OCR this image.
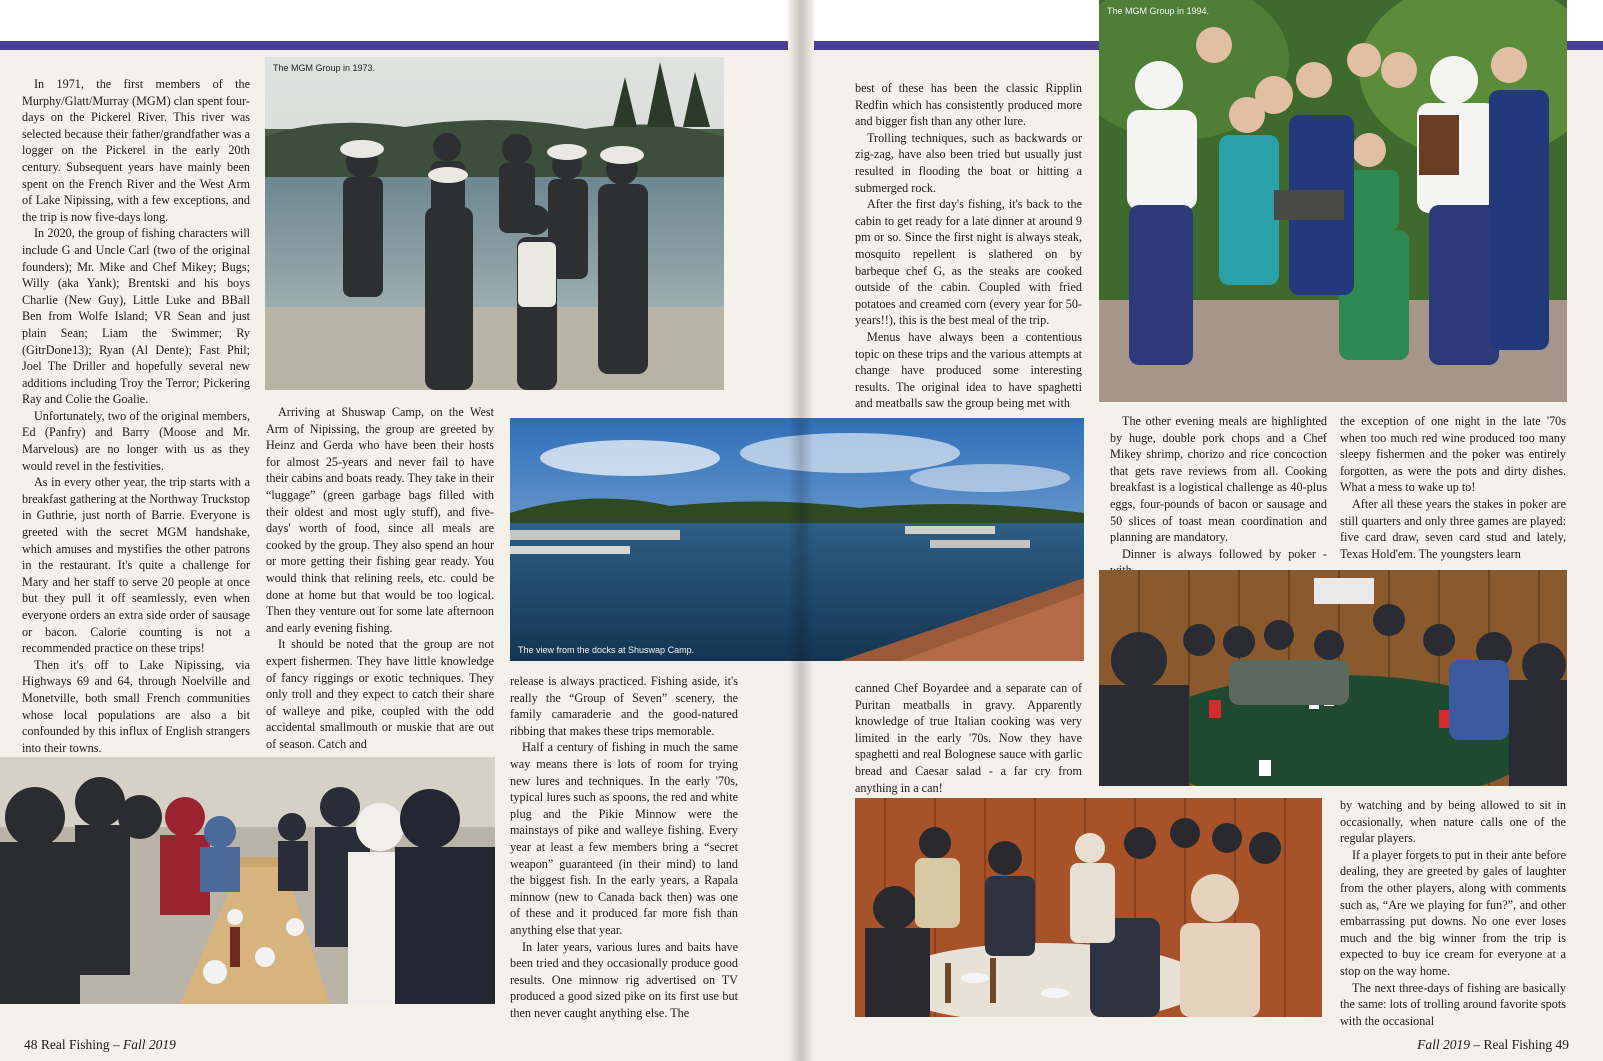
In 1971, the first members of the Murphy/Glatt/Murray (MGM) clan spent four-days on the Pickerel River. This river was selected because their father/grandfather was a logger on the Pickerel in the early 20th century. Subsequent years have mainly been spent on the French River and the West Arm of Lake Nipissing, with a few exceptions, and the trip is now five-days long.

In 2020, the group of fishing characters will include G and Uncle Carl (two of the original founders); Mr. Mike and Chef Mikey; Bugs; Willy (aka Yank); Brentski and his boys Charlie (New Guy), Little Luke and BBall Ben from Wolfe Island; VR Sean and just plain Sean; Liam the Swimmer; Ry (GitrDone13); Ryan (Al Dente); Fast Phil; Joel The Driller and hopefully several new additions including Troy the Terror; Pickering Ray and Colie the Goalie.

Unfortunately, two of the original members, Ed (Panfry) and Barry (Moose and Mr. Marvelous) are no longer with us as they would revel in the festivities.

As in every other year, the trip starts with a breakfast gathering at the Northway Truckstop in Guthrie, just north of Barrie. Everyone is greeted with the secret MGM handshake, which amuses and mystifies the other patrons in the restaurant. It's quite a challenge for Mary and her staff to serve 20 people at once but they pull it off seamlessly, even when everyone orders an extra side order of sausage or bacon. Calorie counting is not a recommended practice on these trips!

Then it's off to Lake Nipissing, via Highways 69 and 64, through Noelville and Monetville, both small French communities whose local populations are also a bit confounded by this influx of English strangers into their towns.

The MGM Group in 1973.

Arriving at Shuswap Camp, on the West Arm of Nipissing, the group are greeted by Heinz and Gerda who have been their hosts for almost 25-years and never fail to have their cabins and boats ready. They take in their “luggage” (green garbage bags filled with their oldest and most ugly stuff), and five-days' worth of food, since all meals are cooked by the group. They also spend an hour or more getting their fishing gear ready. You would think that relining reels, etc. could be done at home but that would be too logical. Then they venture out for some late afternoon and early evening fishing.

It should be noted that the group are not expert fishermen. They have little knowledge of fancy riggings or exotic techniques. They only troll and they expect to catch their share of walleye and pike, coupled with the odd accidental smallmouth or muskie that are out of season. Catch and

The view from the docks at Shuswap Camp.

release is always practiced. Fishing aside, it's really the “Group of Seven” scenery, the family camaraderie and the good-natured ribbing that makes these trips memorable.

Half a century of fishing in much the same way means there is lots of room for trying new lures and techniques. In the early '70s, typical lures such as spoons, the red and white plug and the Pikie Minnow were the mainstays of pike and walleye fishing. Every year at least a few members bring a “secret weapon” guaranteed (in their mind) to land the biggest fish. In the early years, a Rapala minnow (new to Canada back then) was one of these and it produced far more fish than anything else that year.

In later years, various lures and baits have been tried and they occasionally produce good results. One minnow rig advertised on TV produced a good sized pike on its first use but then never caught anything else. The

48 Real Fishing – Fall 2019

best of these has been the classic Ripplin Redfin which has consistently produced more and bigger fish than any other lure.

Trolling techniques, such as backwards or zig-zag, have also been tried but usually just resulted in flooding the boat or hitting a submerged rock.

After the first day's fishing, it's back to the cabin to get ready for a late dinner at around 9 pm or so. Since the first night is always steak, mosquito repellent is slathered on by barbeque chef G, as the steaks are cooked outside of the cabin. Coupled with fried potatoes and creamed corn (every year for 50-years!!), this is the best meal of the trip.

Menus have always been a contentious topic on these trips and the various attempts at change have produced some interesting results. The original idea to have spaghetti and meatballs saw the group being met with

The MGM Group in 1994.

The other evening meals are highlighted by huge, double pork chops and a Chef Mikey shrimp, chorizo and rice concoction that gets rave reviews from all. Cooking breakfast is a logistical challenge as 40-plus eggs, four-pounds of bacon or sausage and 50 slices of toast mean coordination and planning are mandatory.

Dinner is always followed by poker -

the exception of one night in the late '70s when too much red wine produced too many sleepy fishermen and the poker was entirely forgotten, as were the pots and dirty dishes. What a mess to wake up to!

After all these years the stakes in poker are still quarters and only three games are played: five card draw, seven card stud and lately, Texas Hold'em. The youngsters learn

canned Chef Boyardee and a separate can of Puritan meatballs in gravy. Apparently knowledge of true Italian cooking was very limited in the early '70s. Now they have spaghetti and real Bolognese sauce with garlic bread and Caesar salad - a far cry from anything in a can!

by watching and by being allowed to sit in occasionally, when nature calls one of the regular players.

If a player forgets to put in their ante before dealing, they are greeted by gales of laughter from the other players, along with comments such as, “Are we playing for fun?”, and other embarrassing put downs. No one ever loses much and the big winner from the trip is expected to buy ice cream for everyone at a stop on the way home.

The next three-days of fishing are basically the same: lots of trolling around favorite spots with the occasional

Fall 2019 – Real Fishing 49
